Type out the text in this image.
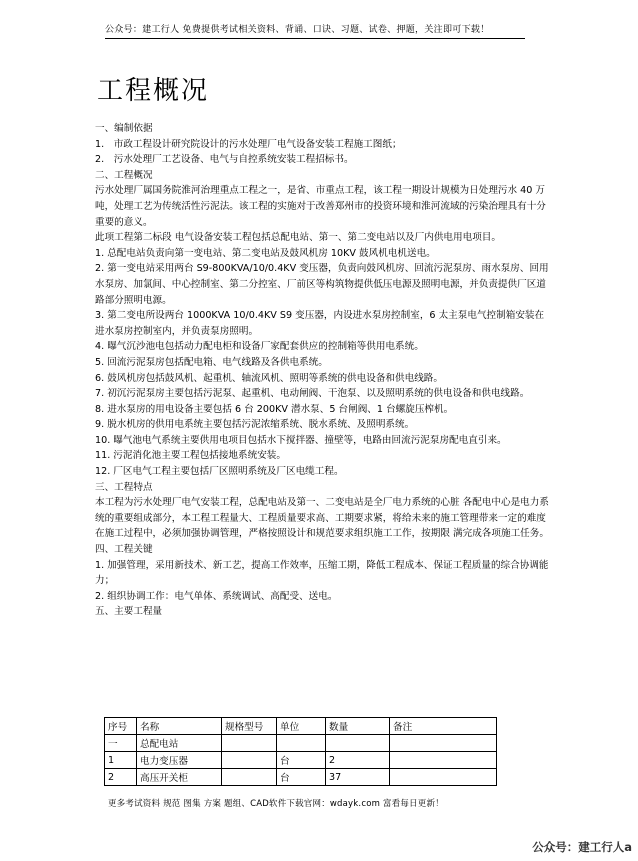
公众号：建工行人 免费提供考试相关资料、背诵、口诀、习题、试卷、押题，关注即可下载！
工程概况

一、编制依据

1.　市政工程设计研究院设计的污水处理厂电气设备安装工程施工图纸；

2.　污水处理厂工艺设备、电气与自控系统安装工程招标书。

二、工程概况

污水处理厂属国务院淮河治理重点工程之一，是省、市重点工程，该工程一期设计规模为日处理污水 40 万吨，处理工艺为传统活性污泥法。该工程的实施对于改善郑州市的投资环境和淮河流域的污染治理具有十分重要的意义。

此项工程第二标段 电气设备安装工程包括总配电站、第一、第二变电站以及厂内供电用电项目。

1. 总配电站负责向第一变电站、第二变电站及鼓风机房 10KV 鼓风机电机送电。

2. 第一变电站采用两台 S9-800KVA/10/0.4KV 变压器，负责向鼓风机房、回流污泥泵房、雨水泵房、回用水泵房、加氯间、中心控制室、第二分控室、厂前区等构筑物提供低压电源及照明电源，并负责提供厂区道路部分照明电源。

3. 第二变电所设两台 1000KVA 10/0.4KV S9 变压器，内设进水泵房控制室，6 太主泵电气控制箱安装在进水泵房控制室内，并负责泵房照明。

4. 曝气沉沙池电包括动力配电柜和设备厂家配套供应的控制箱等供用电系统。

5. 回流污泥泵房包括配电箱、电气线路及各供电系统。

6. 鼓风机房包括鼓风机、起重机、轴流风机、照明等系统的供电设备和供电线路。

7. 初沉污泥泵房主要包括污泥泵、起重机、电动闸阀、干泡泵、以及照明系统的供电设备和供电线路。

8. 进水泵房的用电设备主要包括 6 台 200KV 潜水泵、5 台闸阀、1 台螺旋压榨机。

9. 脱水机房的供用电系统主要包括污泥浓缩系统、脱水系统、及照明系统。

10. 曝气池电气系统主要供用电项目包括水下搅拌器、撞壁等，电路由回流污泥泵房配电直引来。

11. 污泥消化池主要工程包括接地系统安装。

12. 厂区电气工程主要包括厂区照明系统及厂区电缆工程。

三、工程特点

本工程为污水处理厂电气安装工程，总配电站及第一、二变电站是全厂电力系统的心脏 各配电中心是电力系统的重要组成部分，本工程工程量大、工程质量要求高、工期要求紧，将给未来的施工管理带来一定的难度 在施工过程中，必须加强协调管理，严格按照设计和规范要求组织施工工作，按期限 满完成各项施工任务。

四、工程关键

1. 加强管理，采用新技术、新工艺，提高工作效率，压缩工期，降低工程成本、保证工程质量的综合协调能力；

2. 组织协调工作：电气单体、系统调试、高配受、送电。

五、主要工程量

序号	名称	规格型号	单位	数量	备注
一	总配电站				
1	电力变压器		台	2	
2	高压开关柜		台	37	
更多考试资料 规范 图集 方案 题组、CAD软件下载官网：wdayk.com 富看每日更新！
公众号：建工行人a
